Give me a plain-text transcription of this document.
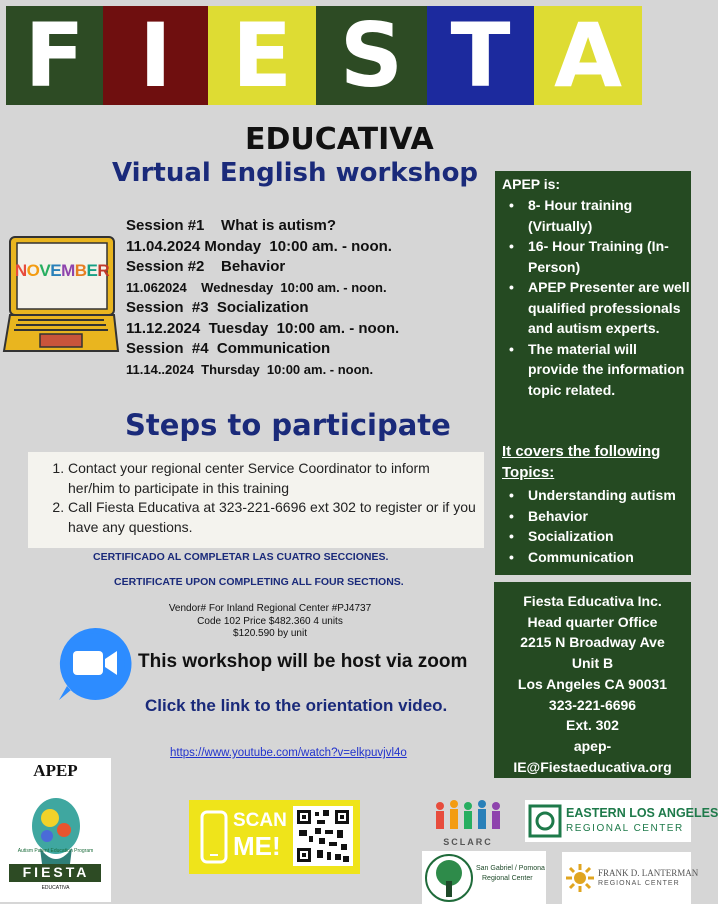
F I E S T A
EDUCATIVA
Virtual English workshop
NOVEMBER
Session #1    What is autism?
11.04.2024 Monday  10:00 am. - noon.
Session #2    Behavior
11.062024    Wednesday  10:00 am. - noon.
Session  #3  Socialization
11.12.2024  Tuesday  10:00 am. - noon.
Session  #4  Communication
11.14..2024  Thursday  10:00 am. - noon.
Steps to participate
1. Contact your regional center Service Coordinator to inform her/him to participate in this training
2. Call Fiesta Educativa at 323-221-6696 ext 302 to register or if you have any questions.
CERTIFICADO AL COMPLETAR LAS CUATRO SECCIONES.
CERTIFICATE UPON COMPLETING ALL FOUR SECTIONS.
Vendor# For Inland Regional Center #PJ4737
Code 102 Price $482.360 4 units
$120.590 by unit
This workshop will be host via zoom
Click the link to the orientation video.
https://www.youtube.com/watch?v=elkpuvjvl4o
APEP is:
• 8- Hour training (Virtually)
• 16- Hour Training (In-Person)
• APEP Presenter are well qualified professionals and autism experts.
• The material will provide the information topic related.
It covers the following Topics:
• Understanding autism
• Behavior
• Socialization
• Communication
Fiesta Educativa Inc.
Head quarter Office
2215 N Broadway Ave
Unit B
Los Angeles CA 90031
323-221-6696
Ext. 302
apep-
IE@Fiestaeducativa.org
APEP
FIESTA
EDUCATIVA
Autism Parent Education Program
SCAN
ME!	SCLARC
EASTERN LOS ANGELES
REGIONAL CENTER
San Gabriel / Pomona
Regional Center
FRANK D. LANTERMAN
REGIONAL CENTER
